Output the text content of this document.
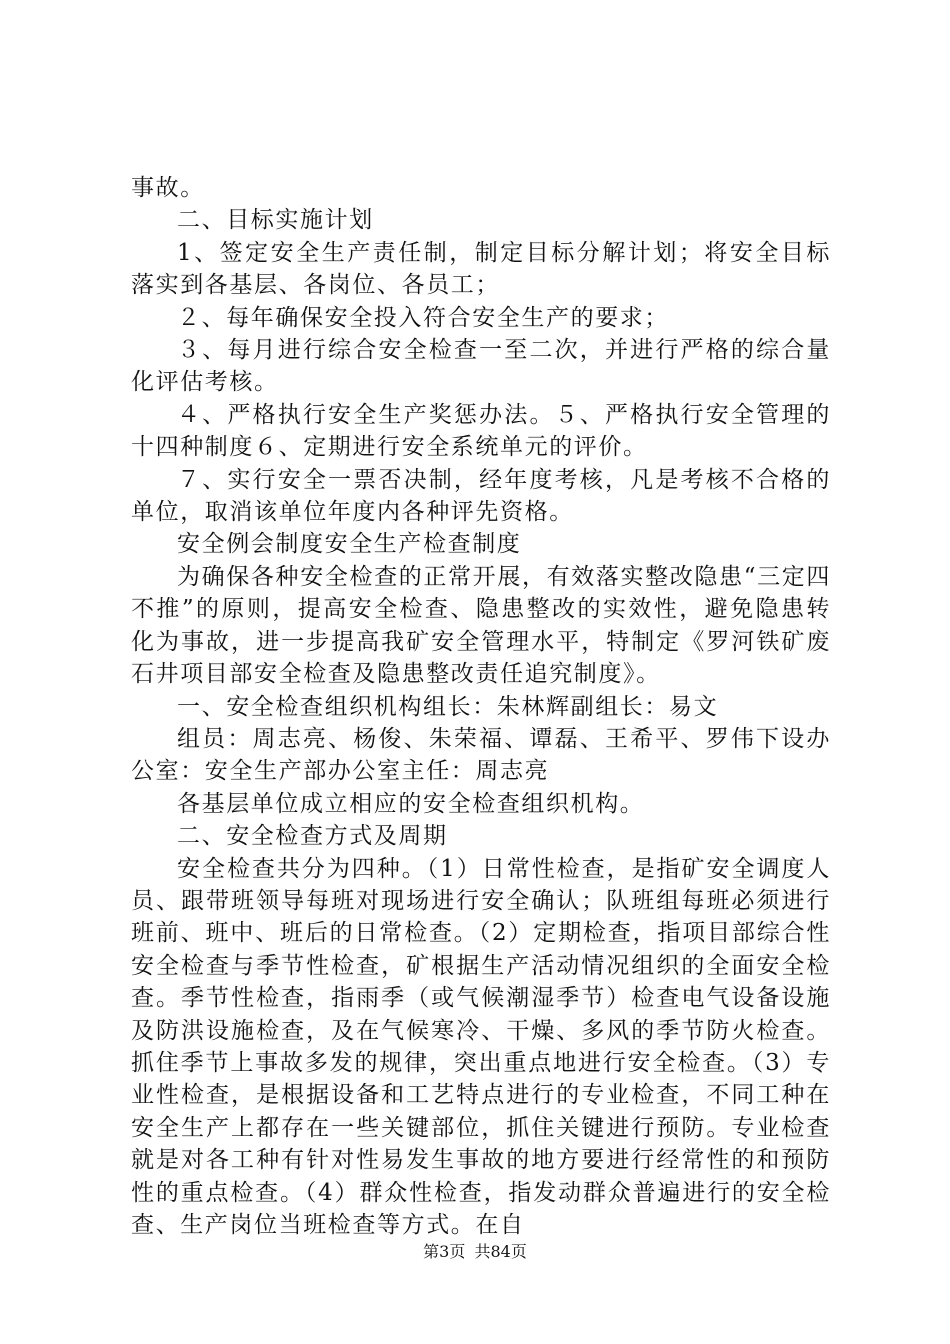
事故。

二、目标实施计划

1、签定安全生产责任制，制定目标分解计划；将安全目标落实到各基层、各岗位、各员工；

２、每年确保安全投入符合安全生产的要求；

３、每月进行综合安全检查一至二次，并进行严格的综合量化评估考核。

４、严格执行安全生产奖惩办法。５、严格执行安全管理的十四种制度６、定期进行安全系统单元的评价。

７、实行安全一票否决制，经年度考核，凡是考核不合格的单位，取消该单位年度内各种评先资格。

安全例会制度安全生产检查制度

为确保各种安全检查的正常开展，有效落实整改隐患“三定四不推”的原则，提高安全检查、隐患整改的实效性，避免隐患转化为事故，进一步提高我矿安全管理水平，特制定《罗河铁矿废石井项目部安全检查及隐患整改责任追究制度》。

一、安全检查组织机构组长：朱林辉副组长：易文

组员：周志亮、杨俊、朱荣福、谭磊、王希平、罗伟下设办公室：安全生产部办公室主任：周志亮

各基层单位成立相应的安全检查组织机构。

二、安全检查方式及周期

安全检查共分为四种。（1）日常性检查，是指矿安全调度人员、跟带班领导每班对现场进行安全确认；队班组每班必须进行班前、班中、班后的日常检查。（2）定期检查，指项目部综合性安全检查与季节性检查，矿根据生产活动情况组织的全面安全检查。季节性检查，指雨季（或气候潮湿季节）检查电气设备设施及防洪设施检查，及在气候寒冷、干燥、多风的季节防火检查。抓住季节上事故多发的规律，突出重点地进行安全检查。（3）专业性检查，是根据设备和工艺特点进行的专业检查，不同工种在安全生产上都存在一些关键部位，抓住关键进行预防。专业检查就是对各工种有针对性易发生事故的地方要进行经常性的和预防性的重点检查。（4）群众性检查，指发动群众普遍进行的安全检查、生产岗位当班检查等方式。在自

第3页 共84页
